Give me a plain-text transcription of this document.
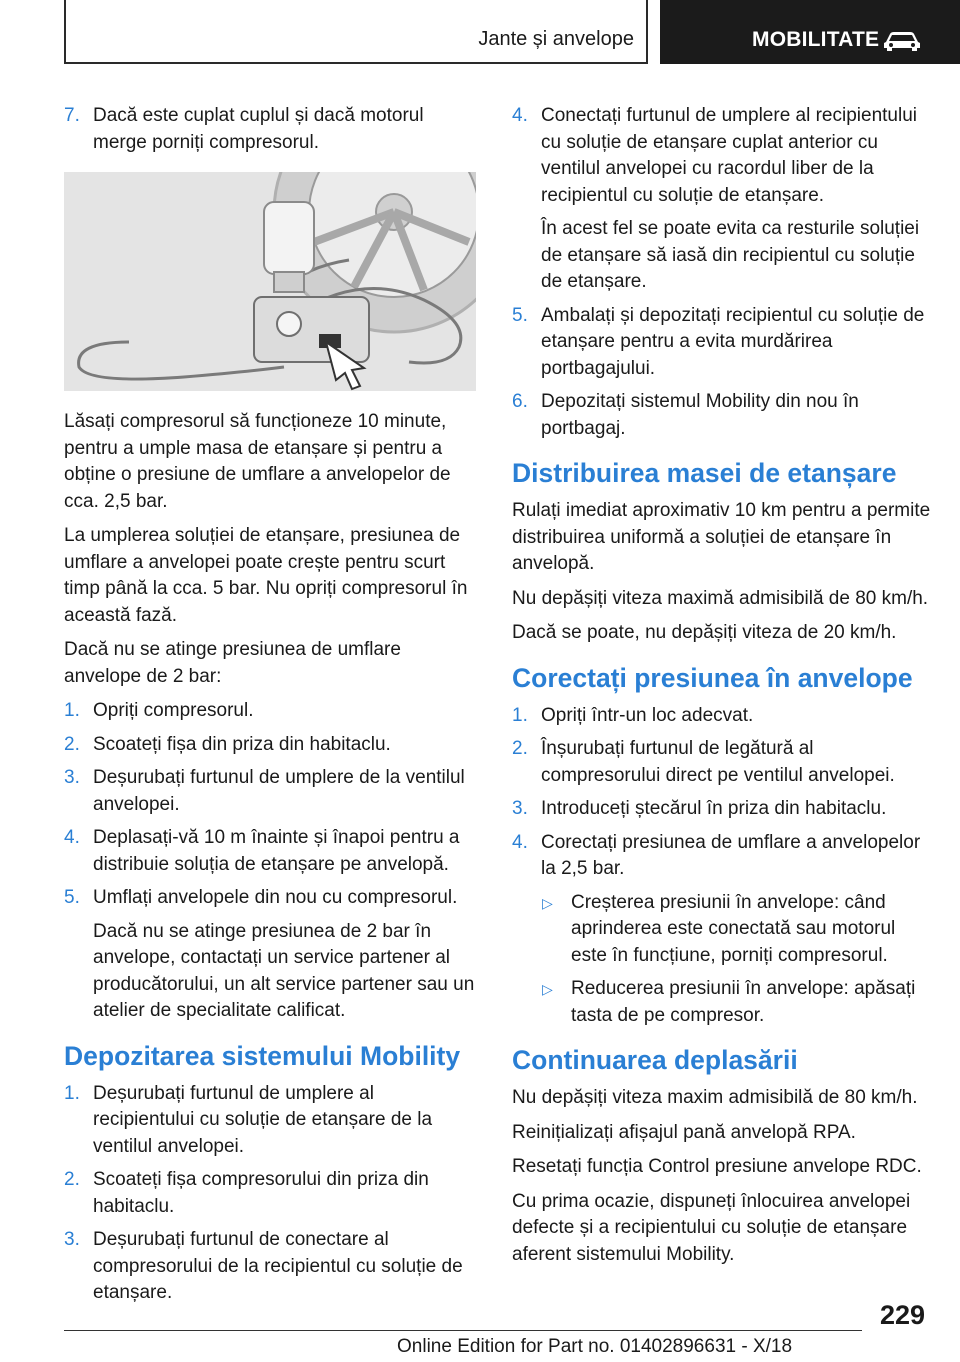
Jante și anvelope	MOBILITATE
7. Dacă este cuplat cuplul și dacă motorul merge porniți compresorul.

Lăsați compresorul să funcționeze 10 minute, pentru a umple masa de etanșare și pentru a obține o presiune de umflare a anvelopelor de cca. 2,5 bar.

La umplerea soluției de etanșare, presiunea de umflare a anvelopei poate crește pentru scurt timp până la cca. 5 bar. Nu opriți compresorul în această fază.

Dacă nu se atinge presiunea de umflare anvelope de 2 bar:

1. Opriți compresorul.
2. Scoateți fișa din priza din habitaclu.
3. Deșurubați furtunul de umplere de la ventilul anvelopei.
4. Deplasați-vă 10 m înainte și înapoi pentru a distribuie soluția de etanșare pe anvelopă.
5. Umflați anvelopele din nou cu compresorul.
Dacă nu se atinge presiunea de 2 bar în anvelope, contactați un service partener al producătorului, un alt service partener sau un atelier de specialitate calificat.
Depozitarea sistemului Mobility
1. Deșurubați furtunul de umplere al recipientului cu soluție de etanșare de la ventilul anvelopei.
2. Scoateți fișa compresorului din priza din habitaclu.
3. Deșurubați furtunul de conectare al compresorului de la recipientul cu soluție de etanșare.
4. Conectați furtunul de umplere al recipientului cu soluție de etanșare cuplat anterior cu ventilul anvelopei cu racordul liber de la recipientul cu soluție de etanșare.
În acest fel se poate evita ca resturile soluției de etanșare să iasă din recipientul cu soluție de etanșare.
5. Ambalați și depozitați recipientul cu soluție de etanșare pentru a evita murdărirea portbagajului.
6. Depozitați sistemul Mobility din nou în portbagaj.
Distribuirea masei de etanșare

Rulați imediat aproximativ 10 km pentru a permite distribuirea uniformă a soluției de etanșare în anvelopă.

Nu depășiți viteza maximă admisibilă de 80 km/h.

Dacă se poate, nu depășiți viteza de 20 km/h.

Corectați presiunea în anvelope
1. Opriți într-un loc adecvat.
2. Înșurubați furtunul de legătură al compresorului direct pe ventilul anvelopei.
3. Introduceți ștecărul în priza din habitaclu.
4. Corectați presiunea de umflare a anvelopelor la 2,5 bar.
▷ Creșterea presiunii în anvelope: când aprinderea este conectată sau motorul este în funcțiune, porniți compresorul.
▷ Reducerea presiunii în anvelope: apăsați tasta de pe compresor.
Continuarea deplasării

Nu depășiți viteza maxim admisibilă de 80 km/h.

Reinițializați afișajul pană anvelopă RPA.

Resetați funcția Control presiune anvelope RDC.

Cu prima ocazie, dispuneți înlocuirea anvelopei defecte și a recipientului cu soluție de etanșare aferent sistemului Mobility.

229
Online Edition for Part no. 01402896631 - X/18
